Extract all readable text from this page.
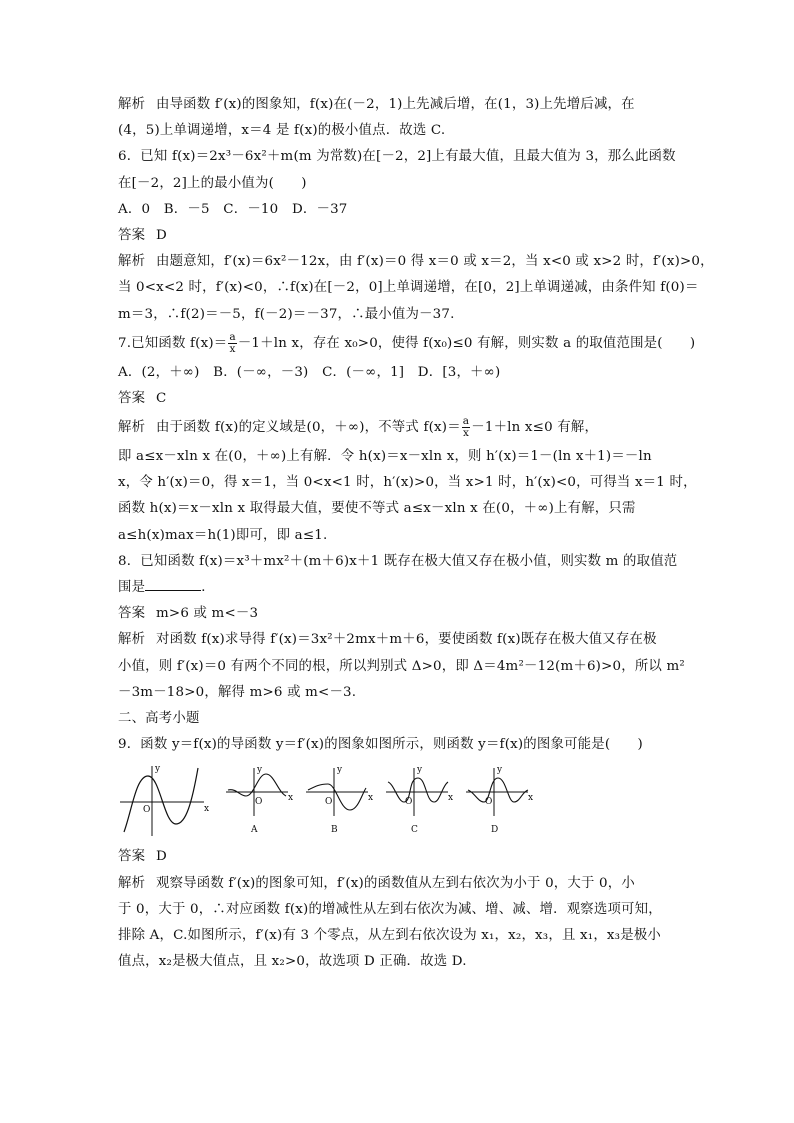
解析 由导函数 f′(x)的图象知，f(x)在(－2，1)上先减后增，在(1，3)上先增后减，在
(4，5)上单调递增，x＝4 是 f(x)的极小值点．故选 C.
6．已知 f(x)＝2x³－6x²＋m(m 为常数)在[－2，2]上有最大值，且最大值为 3，那么此函数
在[－2，2]上的最小值为(　　)
A．0　B．－5　C．－10　D．－37
答案 D
解析 由题意知，f′(x)＝6x²－12x，由 f′(x)＝0 得 x＝0 或 x＝2，当 x<0 或 x>2 时，f′(x)>0，
当 0<x<2 时，f′(x)<0，∴f(x)在[－2，0]上单调递增，在[0，2]上单调递减，由条件知 f(0)＝
m＝3，∴f(2)＝－5，f(－2)＝－37，∴最小值为－37.
7.已知函数 $f(x)= \frac{a}{x} -1+\ln$ x，存在 x₀>0，使得 f(x₀)≤0 有解，则实数 a 的取值范围是(　　)
A．(2，＋∞)　B．(－∞，－3)　C．(－∞，1]　D．[3，＋∞)
答案 C
解析 由于函数 f(x)的定义域是(0，＋∞)，不等式 $f(x)= \frac{a}{x} -1+\ln$ x≤0 有解，
即 a≤x－xln x 在(0，＋∞)上有解．令 h(x)＝x－xln x，则 h′(x)＝1－(ln x＋1)＝－ln
x，令 h′(x)＝0，得 x＝1，当 0<x<1 时，h′(x)>0，当 x>1 时，h′(x)<0，可得当 x＝1 时，
函数 h(x)＝x－xln x 取得最大值，要使不等式 a≤x－xln x 在(0，＋∞)上有解，只需
a≤h(x)max＝h(1)即可，即 a≤1.
8．已知函数 f(x)＝x³＋mx²＋(m＋6)x＋1 既存在极大值又存在极小值，则实数 m 的取值范
围是	．
答案 m>6 或 m<－3
解析 对函数 f(x)求导得 f′(x)＝3x²＋2mx＋m＋6，要使函数 f(x)既存在极大值又存在极
小值，则 f′(x)＝0 有两个不同的根，所以判别式 Δ>0，即 Δ＝4m²－12(m＋6)>0，所以 m²
－3m－18>0，解得 m>6 或 m<－3.
二、高考小题
9．函数 y＝f(x)的导函数 y＝f′(x)的图象如图所示，则函数 y＝f(x)的图象可能是(　　)
x
y
O
x
y
O
A
x
y
O
B
x
y
O
C
x
y
O
D
答案 D
解析 观察导函数 f′(x)的图象可知，f′(x)的函数值从左到右依次为小于 0，大于 0，小
于 0，大于 0，∴对应函数 f(x)的增减性从左到右依次为减、增、减、增．观察选项可知，
排除 A，C.如图所示，f′(x)有 3 个零点，从左到右依次设为 x₁，x₂，x₃，且 x₁，x₃是极小
值点，x₂是极大值点，且 x₂>0，故选项 D 正确．故选 D.
